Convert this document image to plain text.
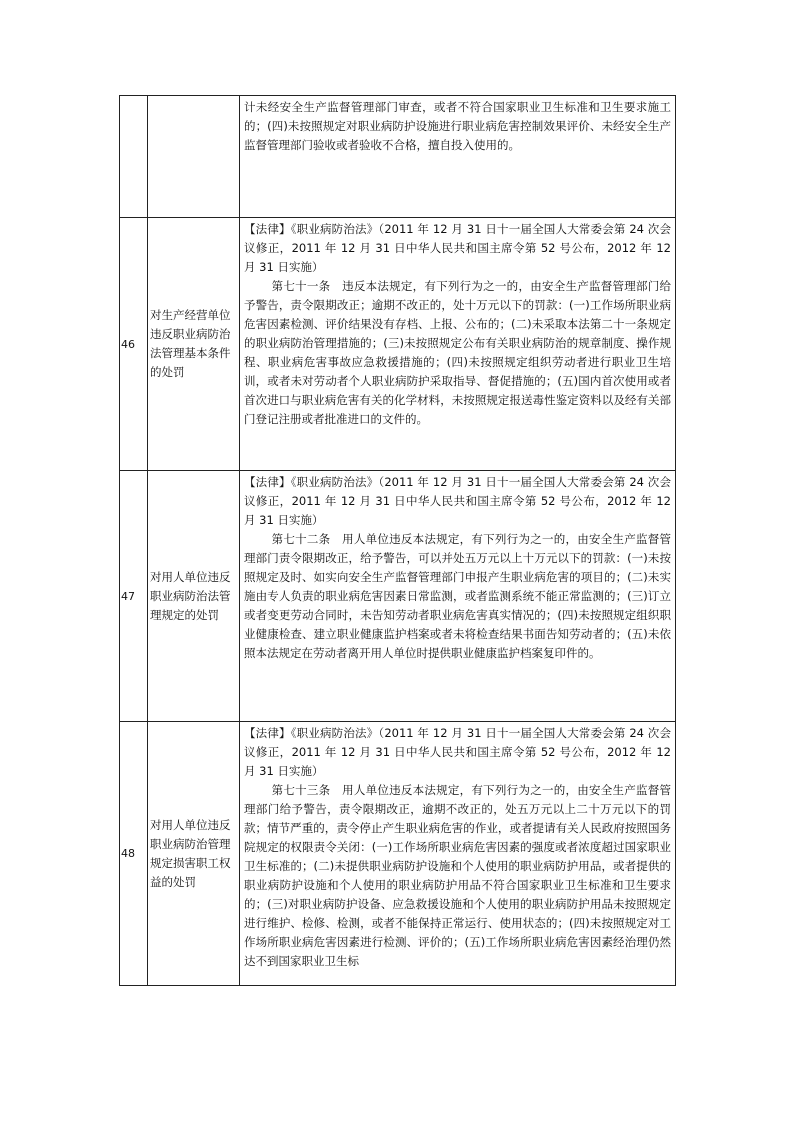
		计未经安全生产监督管理部门审查，或者不符合国家职业卫生标准和卫生要求施工的；(四)未按照规定对职业病防护设施进行职业病危害控制效果评价、未经安全生产监督管理部门验收或者验收不合格，擅自投入使用的。

46	对生产经营单位违反职业病防治法管理基本条件的处罚	【法律】《职业病防治法》（2011 年 12 月 31 日十一届全国人大常委会第 24 次会议修正，2011 年 12 月 31 日中华人民共和国主席令第 52 号公布，2012 年 12 月 31 日实施）

第七十一条　违反本法规定，有下列行为之一的，由安全生产监督管理部门给予警告，责令限期改正；逾期不改正的，处十万元以下的罚款：(一)工作场所职业病危害因素检测、评价结果没有存档、上报、公布的；(二)未采取本法第二十一条规定的职业病防治管理措施的；(三)未按照规定公布有关职业病防治的规章制度、操作规程、职业病危害事故应急救援措施的；(四)未按照规定组织劳动者进行职业卫生培训，或者未对劳动者个人职业病防护采取指导、督促措施的；(五)国内首次使用或者首次进口与职业病危害有关的化学材料，未按照规定报送毒性鉴定资料以及经有关部门登记注册或者批准进口的文件的。

47	对用人单位违反职业病防治法管理规定的处罚	【法律】《职业病防治法》（2011 年 12 月 31 日十一届全国人大常委会第 24 次会议修正，2011 年 12 月 31 日中华人民共和国主席令第 52 号公布，2012 年 12 月 31 日实施）

第七十二条　用人单位违反本法规定，有下列行为之一的，由安全生产监督管理部门责令限期改正，给予警告，可以并处五万元以上十万元以下的罚款：(一)未按照规定及时、如实向安全生产监督管理部门申报产生职业病危害的项目的；(二)未实施由专人负责的职业病危害因素日常监测，或者监测系统不能正常监测的；(三)订立或者变更劳动合同时，未告知劳动者职业病危害真实情况的；(四)未按照规定组织职业健康检查、建立职业健康监护档案或者未将检查结果书面告知劳动者的；(五)未依照本法规定在劳动者离开用人单位时提供职业健康监护档案复印件的。

48	对用人单位违反职业病防治管理规定损害职工权益的处罚	【法律】《职业病防治法》（2011 年 12 月 31 日十一届全国人大常委会第 24 次会议修正，2011 年 12 月 31 日中华人民共和国主席令第 52 号公布，2012 年 12 月 31 日实施）

第七十三条　用人单位违反本法规定，有下列行为之一的，由安全生产监督管理部门给予警告，责令限期改正，逾期不改正的，处五万元以上二十万元以下的罚款；情节严重的，责令停止产生职业病危害的作业，或者提请有关人民政府按照国务院规定的权限责令关闭：(一)工作场所职业病危害因素的强度或者浓度超过国家职业卫生标准的；(二)未提供职业病防护设施和个人使用的职业病防护用品，或者提供的职业病防护设施和个人使用的职业病防护用品不符合国家职业卫生标准和卫生要求的；(三)对职业病防护设备、应急救援设施和个人使用的职业病防护用品未按照规定进行维护、检修、检测，或者不能保持正常运行、使用状态的；(四)未按照规定对工作场所职业病危害因素进行检测、评价的；(五)工作场所职业病危害因素经治理仍然达不到国家职业卫生标
